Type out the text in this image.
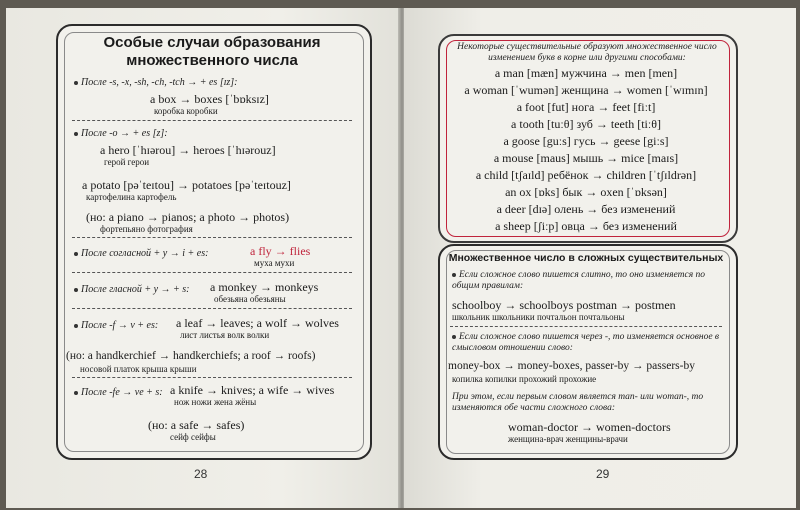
Особые случаи образования
множественного числа
После -s, -x, -sh, -ch, -tch → + es [ɪz]:
a box → boxes [ˈbɒksɪz]
коробка коробки
После -o → + es [z]:
a hero [ˈhɪərou] → heroes [ˈhɪərouz]
герой герои
a potato [pəˈteɪtou] → potatoes [pəˈteɪtouz]
картофелина картофель
(но: a piano → pianos; a photo → photos)
фортепьяно фотография
После согласной + y → i + es:	a fly → flies
муха мухи
После гласной + y → + s: a monkey → monkeys
обезьяна обезьяны
После -f → v + es: a leaf → leaves; a wolf → wolves
лист листья волк волки
(но: a handkerchief → handkerchiefs; a roof → roofs)
носовой платок крыша крыши
После -fe → ve + s: a knife → knives; a wife → wives
нож ножи жена жёны
(но: a safe → safes)
сейф сейфы
28
Некоторые существительные образуют множественное число изменением букв в корне или другими способами:
a man [mæn] мужчина → men [men]
a woman [ˈwumən] женщина → women [ˈwɪmɪn]
a foot [fut] нога → feet [fiːt]
a tooth [tuːθ] зуб → teeth [tiːθ]
a goose [guːs] гусь → geese [giːs]
a mouse [maus] мышь → mice [maɪs]
a child [tʃaɪld] ребёнок → children [ˈtʃɪldrən]
an ox [ɒks] бык → oxen [ˈɒksən]
a deer [dɪə] олень → без изменений
a sheep [ʃiːp] овца → без изменений
Множественное число в сложных существительных
Если сложное слово пишется слитно, то оно изменяется по общим правилам:
schoolboy → schoolboys postman → postmen
школьник школьники почтальон почтальоны
Если сложное слово пишется через -, то изменяется основное в смысловом отношении слово:
money-box → money-boxes, passer-by → passers-by
копилка копилки прохожий прохожие
При этом, если первым словом является man- или woman-, то изменяются обе части сложного слова:
woman-doctor → women-doctors
женщина-врач женщины-врачи
29
